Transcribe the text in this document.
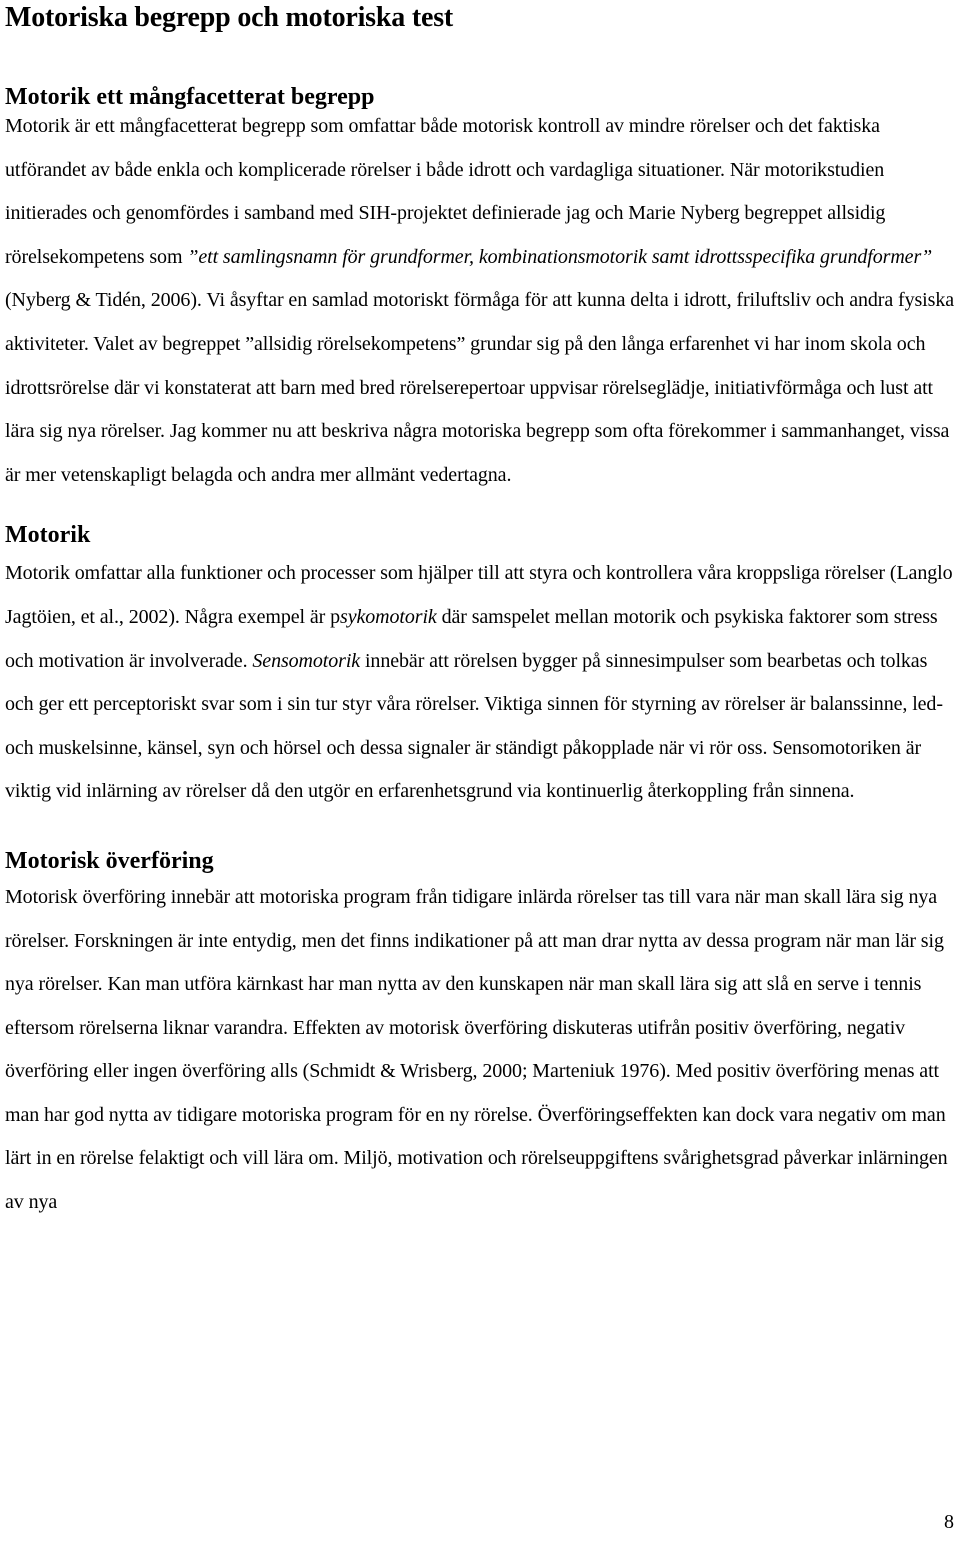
Motoriska begrepp och motoriska test
Motorik ett mångfacetterat begrepp

Motorik är ett mångfacetterat begrepp som omfattar både motorisk kontroll av mindre rörelser och det faktiska utförandet av både enkla och komplicerade rörelser i både idrott och vardagliga situationer. När motorikstudien initierades och genomfördes i samband med SIH-projektet definierade jag och Marie Nyberg begreppet allsidig rörelsekompetens som ”ett samlingsnamn för grundformer, kombinationsmotorik samt idrottsspecifika grundformer” (Nyberg & Tidén, 2006). Vi åsyftar en samlad motoriskt förmåga för att kunna delta i idrott, friluftsliv och andra fysiska aktiviteter. Valet av begreppet ”allsidig rörelsekompetens” grundar sig på den långa erfarenhet vi har inom skola och idrottsrörelse där vi konstaterat att barn med bred rörelserepertoar uppvisar rörelseglädje, initiativförmåga och lust att lära sig nya rörelser. Jag kommer nu att beskriva några motoriska begrepp som ofta förekommer i sammanhanget, vissa är mer vetenskapligt belagda och andra mer allmänt vedertagna.

Motorik

Motorik omfattar alla funktioner och processer som hjälper till att styra och kontrollera våra kroppsliga rörelser (Langlo Jagtöien, et al., 2002). Några exempel är psykomotorik där samspelet mellan motorik och psykiska faktorer som stress och motivation är involverade. Sensomotorik innebär att rörelsen bygger på sinnesimpulser som bearbetas och tolkas och ger ett perceptoriskt svar som i sin tur styr våra rörelser. Viktiga sinnen för styrning av rörelser är balanssinne, led- och muskelsinne, känsel, syn och hörsel och dessa signaler är ständigt påkopplade när vi rör oss. Sensomotoriken är viktig vid inlärning av rörelser då den utgör en erfarenhetsgrund via kontinuerlig återkoppling från sinnena.

Motorisk överföring

Motorisk överföring innebär att motoriska program från tidigare inlärda rörelser tas till vara när man skall lära sig nya rörelser. Forskningen är inte entydig, men det finns indikationer på att man drar nytta av dessa program när man lär sig nya rörelser. Kan man utföra kärnkast har man nytta av den kunskapen när man skall lära sig att slå en serve i tennis eftersom rörelserna liknar varandra. Effekten av motorisk överföring diskuteras utifrån positiv överföring, negativ överföring eller ingen överföring alls (Schmidt & Wrisberg, 2000; Marteniuk 1976). Med positiv överföring menas att man har god nytta av tidigare motoriska program för en ny rörelse. Överföringseffekten kan dock vara negativ om man lärt in en rörelse felaktigt och vill lära om. Miljö, motivation och rörelseuppgiftens svårighetsgrad påverkar inlärningen av nya

8
